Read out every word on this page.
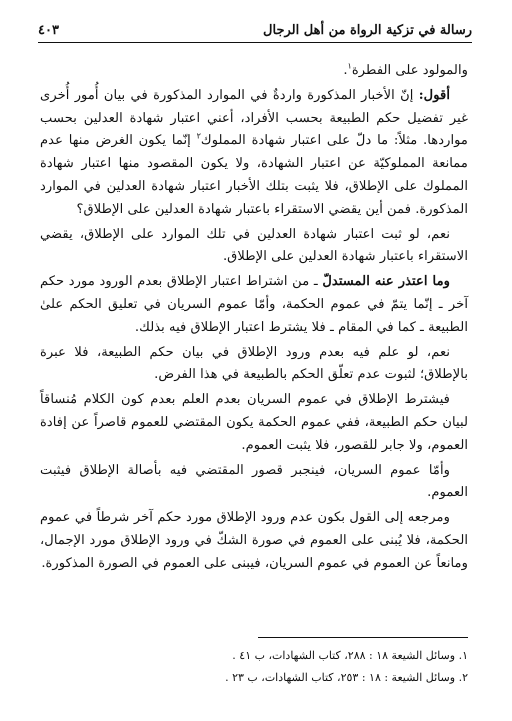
رسالة في تزكية الرواة من أهل الرجال
٤٠٣

والمولود على الفطرة$^١$.

أقول: إنّ الأخبار المذكورة واردةٌ في الموارد المذكورة في بيان أُمور أُخرى غير تفضيل حكم الطبيعة بحسب الأفراد، أعني اعتبار شهادة العدلين بحسب مواردها. مثلاً: ما دلّ على اعتبار شهادة المملوك$^٢$ إنّما يكون الغرض منها عدم ممانعة المملوكيّة عن اعتبار الشهادة، ولا يكون المقصود منها اعتبار شهادة المملوك على الإطلاق، فلا يثبت بتلك الأخبار اعتبار شهادة العدلين في الموارد المذكورة. فمن أين يقضي الاستقراء باعتبار شهادة العدلين على الإطلاق؟

نعم، لو ثبت اعتبار شهادة العدلين في تلك الموارد على الإطلاق، يقضي الاستقراء باعتبار شهادة العدلين على الإطلاق.

وما اعتذر عنه المستدلّ ـ من اشتراط اعتبار الإطلاق بعدم الورود مورد حكم آخر ـ إنّما يتمّ في عموم الحكمة، وأمّا عموم السريان في تعليق الحكم علىٰ الطبيعة ـ كما في المقام ـ فلا يشترط اعتبار الإطلاق فيه بذلك.

نعم، لو علم فيه بعدم ورود الإطلاق في بيان حكم الطبيعة، فلا عبرة بالإطلاق؛ لثبوت عدم تعلّق الحكم بالطبيعة في هذا الفرض.

فيشترط الإطلاق في عموم السريان بعدم العلم بعدم كون الكلام مُنساقاً لبيان حكم الطبيعة، ففي عموم الحكمة يكون المقتضي للعموم قاصراً عن إفادة العموم، ولا جابر للقصور، فلا يثبت العموم.

وأمّا عموم السريان، فينجبر قصور المقتضي فيه بأصالة الإطلاق فيثبت العموم.

ومرجعه إلى القول بكون عدم ورود الإطلاق مورد حكم آخر شرطاً في عموم الحكمة، فلا يُبنى على العموم في صورة الشكّ في ورود الإطلاق مورد الإجمال، ومانعاً عن العموم في عموم السريان، فيبنى على العموم في الصورة المذكورة.

١. وسائل الشيعة ١٨ : ٢٨٨، كتاب الشهادات، ب ٤١ .
٢. وسائل الشيعة : ١٨ : ٢٥٣، كتاب الشهادات، ب ٢٣ .
